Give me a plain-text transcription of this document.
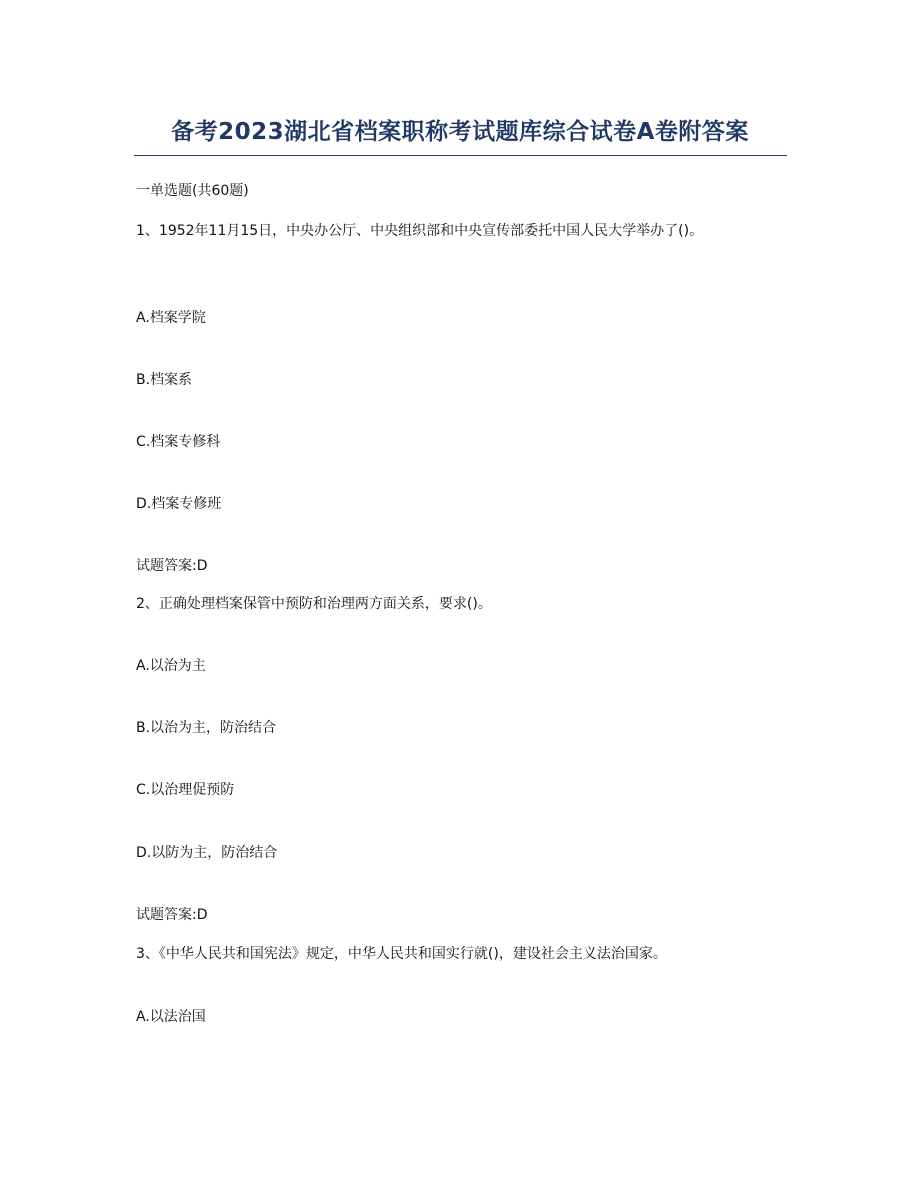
备考2023湖北省档案职称考试题库综合试卷A卷附答案
一单选题(共60题)
1、1952年11月15日，中央办公厅、中央组织部和中央宣传部委托中国人民大学举办了()。
A.档案学院
B.档案系
C.档案专修科
D.档案专修班
试题答案:D
2、正确处理档案保管中预防和治理两方面关系，要求()。
A.以治为主
B.以治为主，防治结合
C.以治理促预防
D.以防为主，防治结合
试题答案:D
3、《中华人民共和国宪法》规定，中华人民共和国实行就()，建设社会主义法治国家。
A.以法治国
